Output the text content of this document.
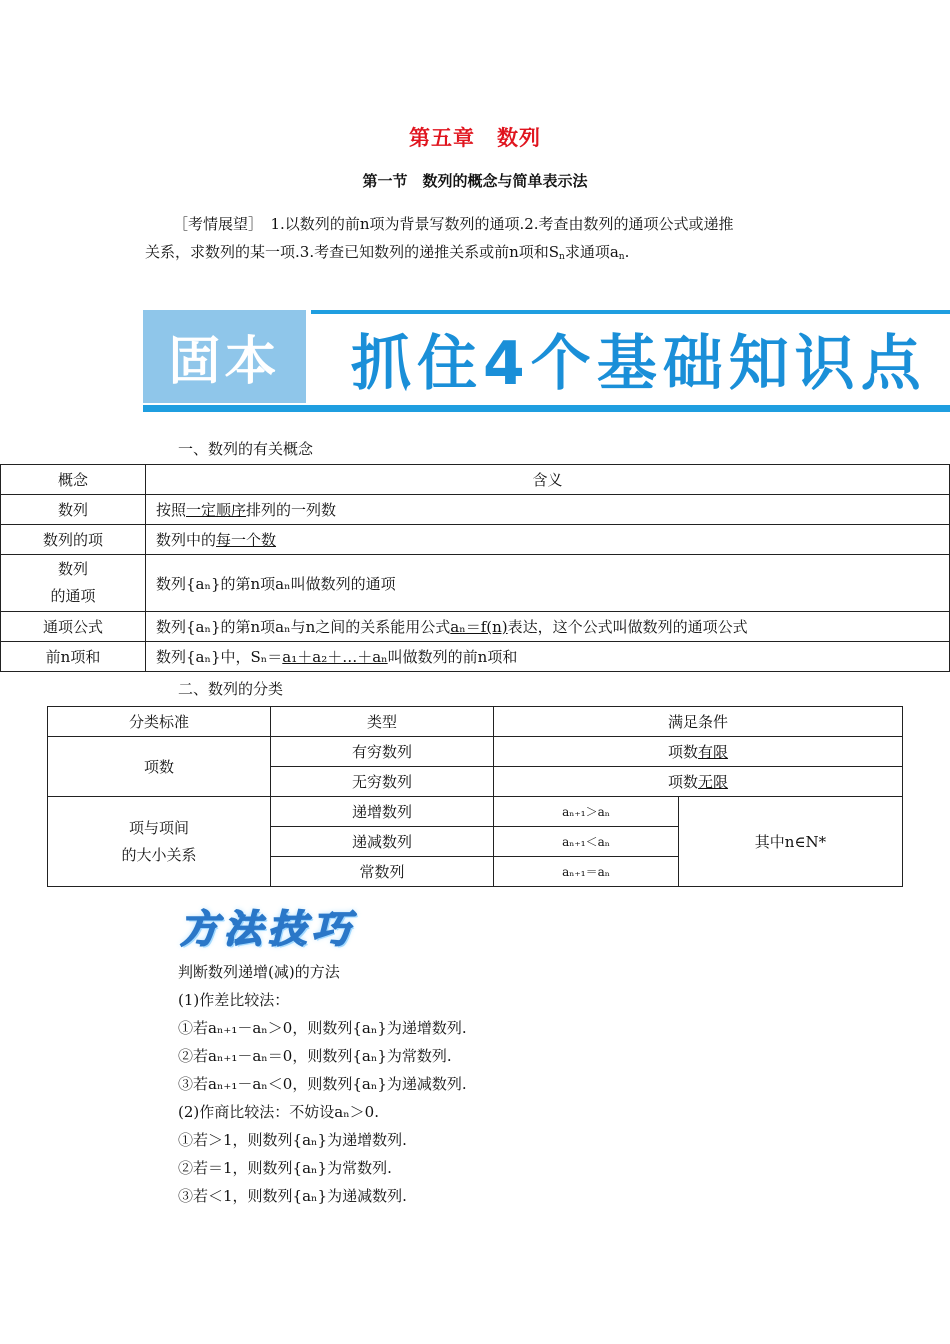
第五章　数列
第一节　数列的概念与简单表示法
［考情展望］　1.以数列的前n项为背景写数列的通项.2.考查由数列的通项公式或递推
关系，求数列的某一项.3.考查已知数列的递推关系或前n项和$S_n$求通项$a_n$.
固本 抓住4个基础知识点
一、数列的有关概念
概念	含义
数列	按照一定顺序排列的一列数
数列的项	数列中的每一个数

数列
的通项	数列{aₙ}的第n项aₙ叫做数列的通项
通项公式	数列{aₙ}的第n项aₙ与n之间的关系能用公式aₙ＝f(n)表达，这个公式叫做数列的通项公式
前n项和	数列{aₙ}中，Sₙ＝a₁＋a₂＋…＋aₙ叫做数列的前n项和
二、数列的分类
分类标准	类型	满足条件	
项数	有穷数列	项数有限	
	无穷数列	项数无限	

项与项间
的大小关系	递增数列	aₙ₊₁＞aₙ	其中n∈N*
	递减数列	aₙ₊₁＜aₙ	
	常数列	aₙ₊₁＝aₙ	
方法技巧
判断数列递增(减)的方法
(1)作差比较法：
①若aₙ₊₁－aₙ＞0，则数列{aₙ}为递增数列.
②若aₙ₊₁－aₙ＝0，则数列{aₙ}为常数列.
③若aₙ₊₁－aₙ＜0，则数列{aₙ}为递减数列.
(2)作商比较法：不妨设aₙ＞0.
①若＞1，则数列{aₙ}为递增数列.
②若＝1，则数列{aₙ}为常数列.
③若＜1，则数列{aₙ}为递减数列.
